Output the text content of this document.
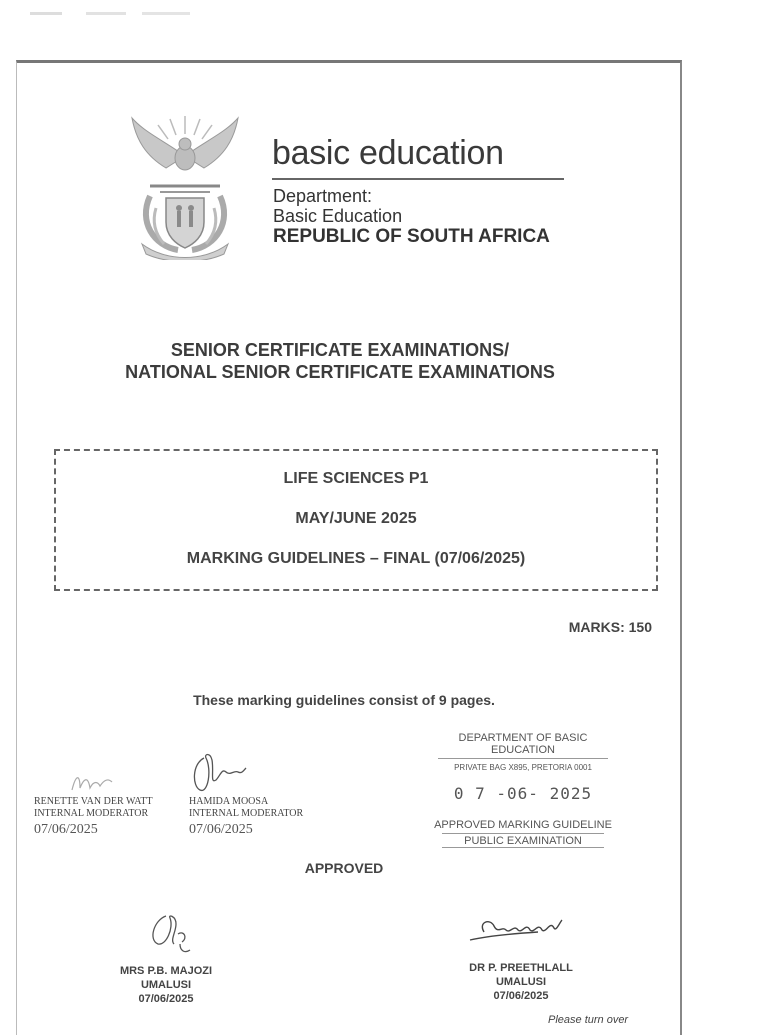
basic education
Department:
Basic Education
REPUBLIC OF SOUTH AFRICA
SENIOR CERTIFICATE EXAMINATIONS/
NATIONAL SENIOR CERTIFICATE EXAMINATIONS
LIFE SCIENCES P1
MAY/JUNE 2025
MARKING GUIDELINES – FINAL (07/06/2025)
MARKS: 150
These marking guidelines consist of 9 pages.
RENETTE VAN DER WATT
INTERNAL MODERATOR
07/06/2025
HAMIDA MOOSA
INTERNAL MODERATOR
07/06/2025
DEPARTMENT OF BASIC EDUCATION
PRIVATE BAG X895, PRETORIA 0001
0 7 -06- 2025
APPROVED MARKING GUIDELINE
PUBLIC EXAMINATION
APPROVED
MRS P.B. MAJOZI
UMALUSI
07/06/2025
DR P. PREETHLALL
UMALUSI
07/06/2025
Please turn over
